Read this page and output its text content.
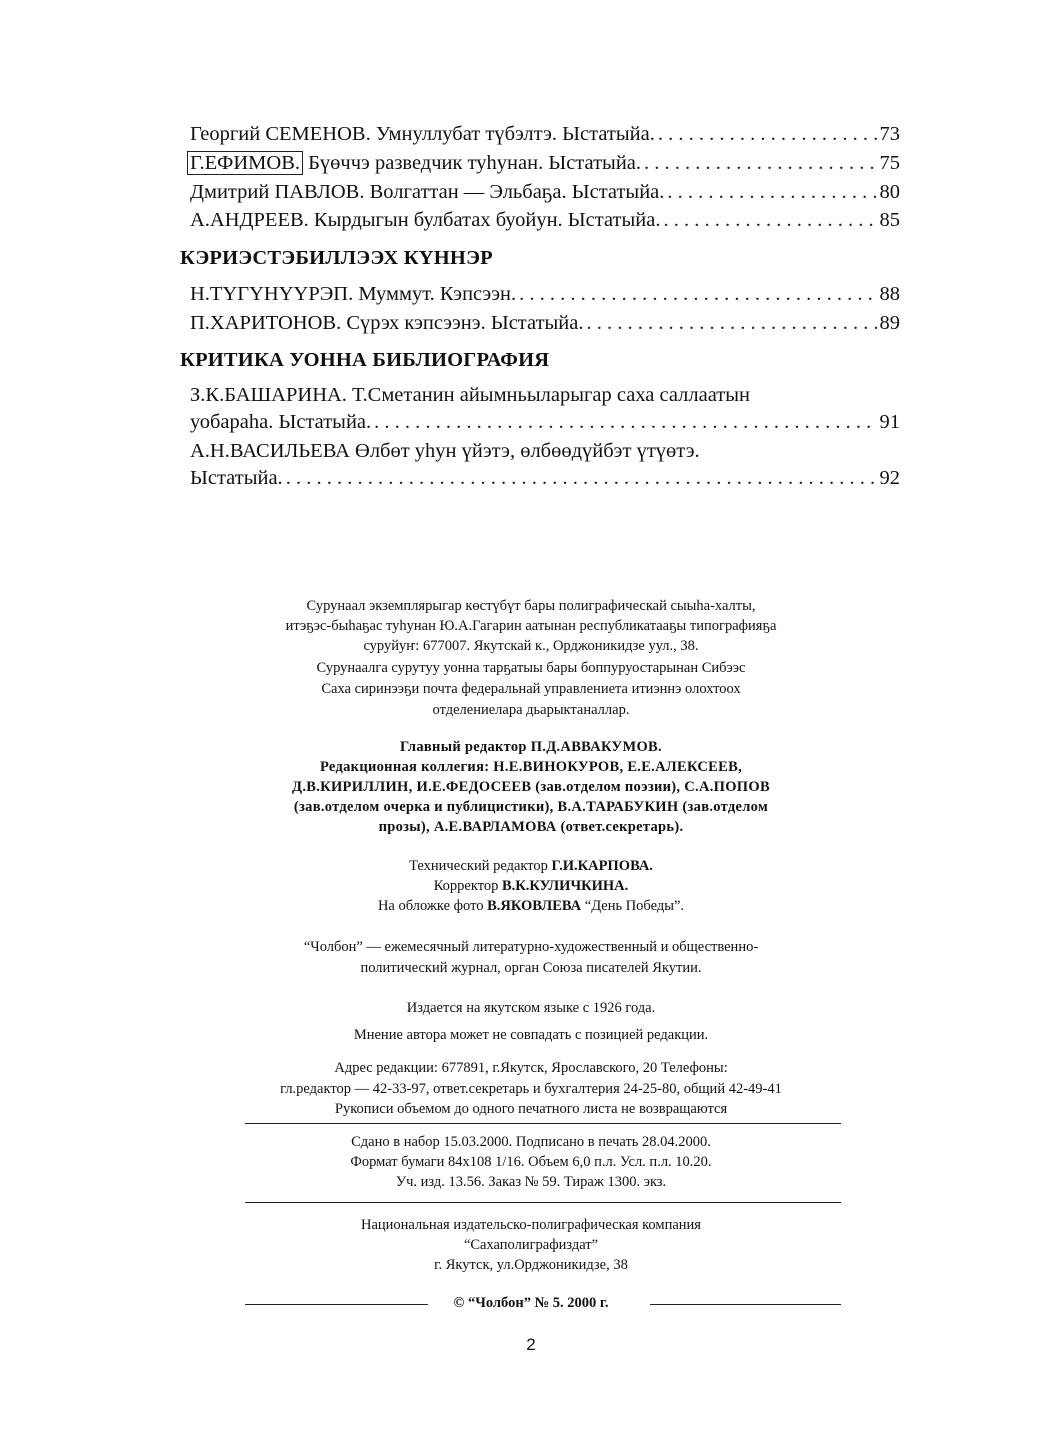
Георгий СЕМЕНОВ. Умнуллубат түбэлтэ. Ыстатыйа. . . .	73
Г.ЕФИМОВ. Бүөччэ разведчик туһунан. Ыстатыйа. . . .	75
Дмитрий ПАВЛОВ. Волгаттан — Эльбаҕа. Ыстатыйа. . . .	80
А.АНДРЕЕВ. Кырдыгын булбатах буойун. Ыстатыйа. . . .	85
КЭРИЭСТЭБИЛЛЭЭХ КҮННЭР
Н.ТҮГҮНҮҮРЭП. Муммут. Кэпсээн. . . .	88
П.ХАРИТОНОВ. Сүрэх кэпсээнэ. Ыстатыйа. . . .	89
КРИТИКА УОННА БИБЛИОГРАФИЯ
З.К.БАШАРИНА. Т.Сметанин айымньыларыгар саха саллаатын
уобараһа. Ыстатыйа. . . .	91
А.Н.ВАСИЛЬЕВА Өлбөт уһун үйэтэ, өлбөөдүйбэт үтүөтэ.
Ыстатыйа. . . .	92
Сурунаал экземплярыгар көстүбүт бары полиграфическай сыыһа-халты,
итэҕэс-быһаҕас туһунан Ю.А.Гагарин аатынан республикатааҕы типографияҕа
суруйуҥ: 677007. Якутскай к., Орджоникидзе уул., 38.
Сурунаалга сурутуу уонна тарҕатыы бары боппуруостарынан Сибээс
Саха сиринээҕи почта федеральнай управлениета итиэннэ олохтоох
отделениелара дьарыктаналлар.
Главный редактор П.Д.АВВАКУМОВ.
Редакционная коллегия: Н.Е.ВИНОКУРОВ, Е.Е.АЛЕКСЕЕВ,
Д.В.КИРИЛЛИН, И.Е.ФЕДОСЕЕВ (зав.отделом поэзии), С.А.ПОПОВ
(зав.отделом очерка и публицистики), В.А.ТАРАБУКИН (зав.отделом
прозы), А.Е.ВАРЛАМОВА (ответ.секретарь).
Технический редактор Г.И.КАРПОВА.
Корректор В.К.КУЛИЧКИНА.
На обложке фото В.ЯКОВЛЕВА “День Победы”.
“Чолбон” — ежемесячный литературно-художественный и общественно-
политический журнал, орган Союза писателей Якутии.
Издается на якутском языке с 1926 года.
Мнение автора может не совпадать с позицией редакции.
Адрес редакции: 677891, г.Якутск, Ярославского, 20 Телефоны:
гл.редактор — 42-33-97, ответ.секретарь и бухгалтерия 24-25-80, общий 42-49-41
Рукописи объемом до одного печатного листа не возвращаются
Сдано в набор 15.03.2000. Подписано в печать 28.04.2000.
Формат бумаги 84х108 1/16. Объем 6,0 п.л. Усл. п.л. 10.20.
Уч. изд. 13.56. Заказ № 59. Тираж 1300. экз.
Национальная издательско-полиграфическая компания
“Сахаполиграфиздат”
г. Якутск, ул.Орджоникидзе, 38
© “Чолбон” № 5. 2000 г.
2
